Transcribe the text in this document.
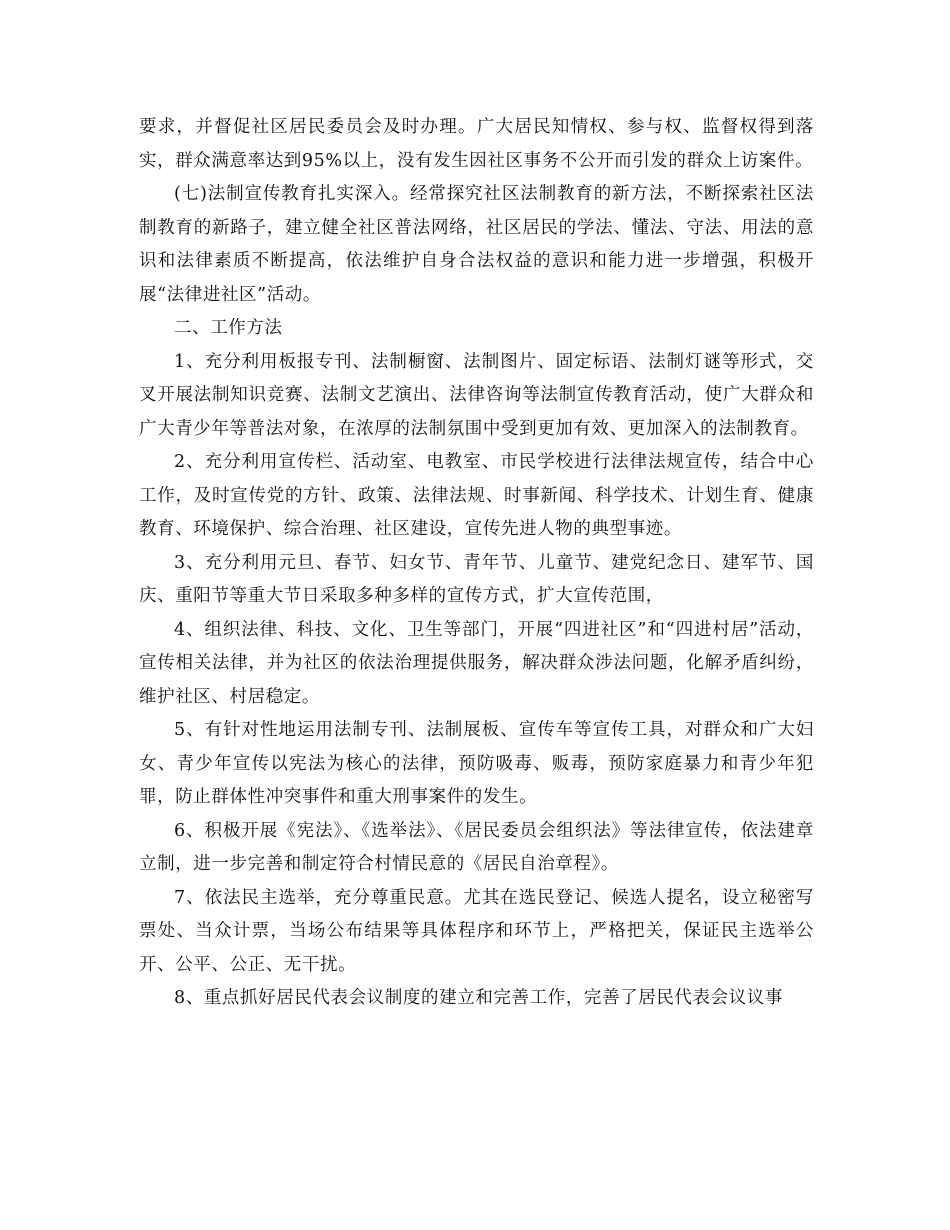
要求，并督促社区居民委员会及时办理。广大居民知情权、参与权、监督权得到落实，群众满意率达到95%以上，没有发生因社区事务不公开而引发的群众上访案件。

(七)法制宣传教育扎实深入。经常探究社区法制教育的新方法，不断探索社区法制教育的新路子，建立健全社区普法网络，社区居民的学法、懂法、守法、用法的意识和法律素质不断提高，依法维护自身合法权益的意识和能力进一步增强，积极开展“法律进社区”活动。

二、工作方法

1、充分利用板报专刊、法制橱窗、法制图片、固定标语、法制灯谜等形式，交叉开展法制知识竞赛、法制文艺演出、法律咨询等法制宣传教育活动，使广大群众和广大青少年等普法对象，在浓厚的法制氛围中受到更加有效、更加深入的法制教育。

2、充分利用宣传栏、活动室、电教室、市民学校进行法律法规宣传，结合中心工作，及时宣传党的方针、政策、法律法规、时事新闻、科学技术、计划生育、健康教育、环境保护、综合治理、社区建设，宣传先进人物的典型事迹。

3、充分利用元旦、春节、妇女节、青年节、儿童节、建党纪念日、建军节、国庆、重阳节等重大节日采取多种多样的宣传方式，扩大宣传范围，

4、组织法律、科技、文化、卫生等部门，开展“四进社区”和“四进村居”活动，宣传相关法律，并为社区的依法治理提供服务，解决群众涉法问题，化解矛盾纠纷，维护社区、村居稳定。

5、有针对性地运用法制专刊、法制展板、宣传车等宣传工具，对群众和广大妇女、青少年宣传以宪法为核心的法律，预防吸毒、贩毒，预防家庭暴力和青少年犯罪，防止群体性冲突事件和重大刑事案件的发生。

6、积极开展《宪法》、《选举法》、《居民委员会组织法》等法律宣传，依法建章立制，进一步完善和制定符合村情民意的《居民自治章程》。

7、依法民主选举，充分尊重民意。尤其在选民登记、候选人提名，设立秘密写票处、当众计票，当场公布结果等具体程序和环节上，严格把关，保证民主选举公开、公平、公正、无干扰。

8、重点抓好居民代表会议制度的建立和完善工作，完善了居民代表会议议事
